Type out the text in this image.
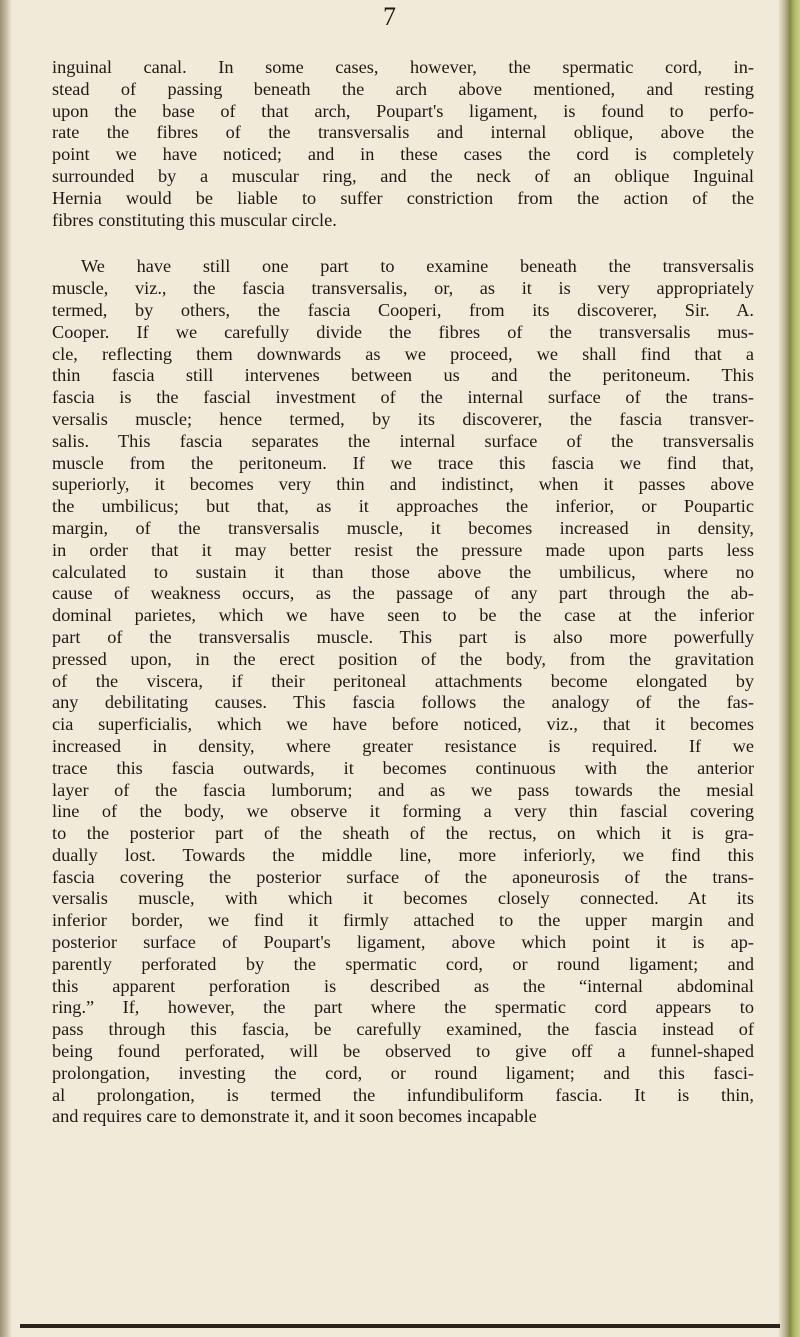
7
inguinal canal. In some cases, however, the spermatic cord, in-
stead of passing beneath the arch above mentioned, and resting
upon the base of that arch, Poupart's ligament, is found to perfo-
rate the fibres of the transversalis and internal oblique, above the
point we have noticed; and in these cases the cord is completely
surrounded by a muscular ring, and the neck of an oblique Inguinal
Hernia would be liable to suffer constriction from the action of the
fibres constituting this muscular circle.
We have still one part to examine beneath the transversalis
muscle, viz., the fascia transversalis, or, as it is very appropriately
termed, by others, the fascia Cooperi, from its discoverer, Sir. A.
Cooper. If we carefully divide the fibres of the transversalis mus-
cle, reflecting them downwards as we proceed, we shall find that a
thin fascia still intervenes between us and the peritoneum. This
fascia is the fascial investment of the internal surface of the trans-
versalis muscle; hence termed, by its discoverer, the fascia transver-
salis. This fascia separates the internal surface of the transversalis
muscle from the peritoneum. If we trace this fascia we find that,
superiorly, it becomes very thin and indistinct, when it passes above
the umbilicus; but that, as it approaches the inferior, or Poupartic
margin, of the transversalis muscle, it becomes increased in density,
in order that it may better resist the pressure made upon parts less
calculated to sustain it than those above the umbilicus, where no
cause of weakness occurs, as the passage of any part through the ab-
dominal parietes, which we have seen to be the case at the inferior
part of the transversalis muscle. This part is also more powerfully
pressed upon, in the erect position of the body, from the gravitation
of the viscera, if their peritoneal attachments become elongated by
any debilitating causes. This fascia follows the analogy of the fas-
cia superficialis, which we have before noticed, viz., that it becomes
increased in density, where greater resistance is required. If we
trace this fascia outwards, it becomes continuous with the anterior
layer of the fascia lumborum; and as we pass towards the mesial
line of the body, we observe it forming a very thin fascial covering
to the posterior part of the sheath of the rectus, on which it is gra-
dually lost. Towards the middle line, more inferiorly, we find this
fascia covering the posterior surface of the aponeurosis of the trans-
versalis muscle, with which it becomes closely connected. At its
inferior border, we find it firmly attached to the upper margin and
posterior surface of Poupart's ligament, above which point it is ap-
parently perforated by the spermatic cord, or round ligament; and
this apparent perforation is described as the “internal abdominal
ring.” If, however, the part where the spermatic cord appears to
pass through this fascia, be carefully examined, the fascia instead of
being found perforated, will be observed to give off a funnel-shaped
prolongation, investing the cord, or round ligament; and this fasci-
al prolongation, is termed the infundibuliform fascia. It is thin,
and requires care to demonstrate it, and it soon becomes incapable
